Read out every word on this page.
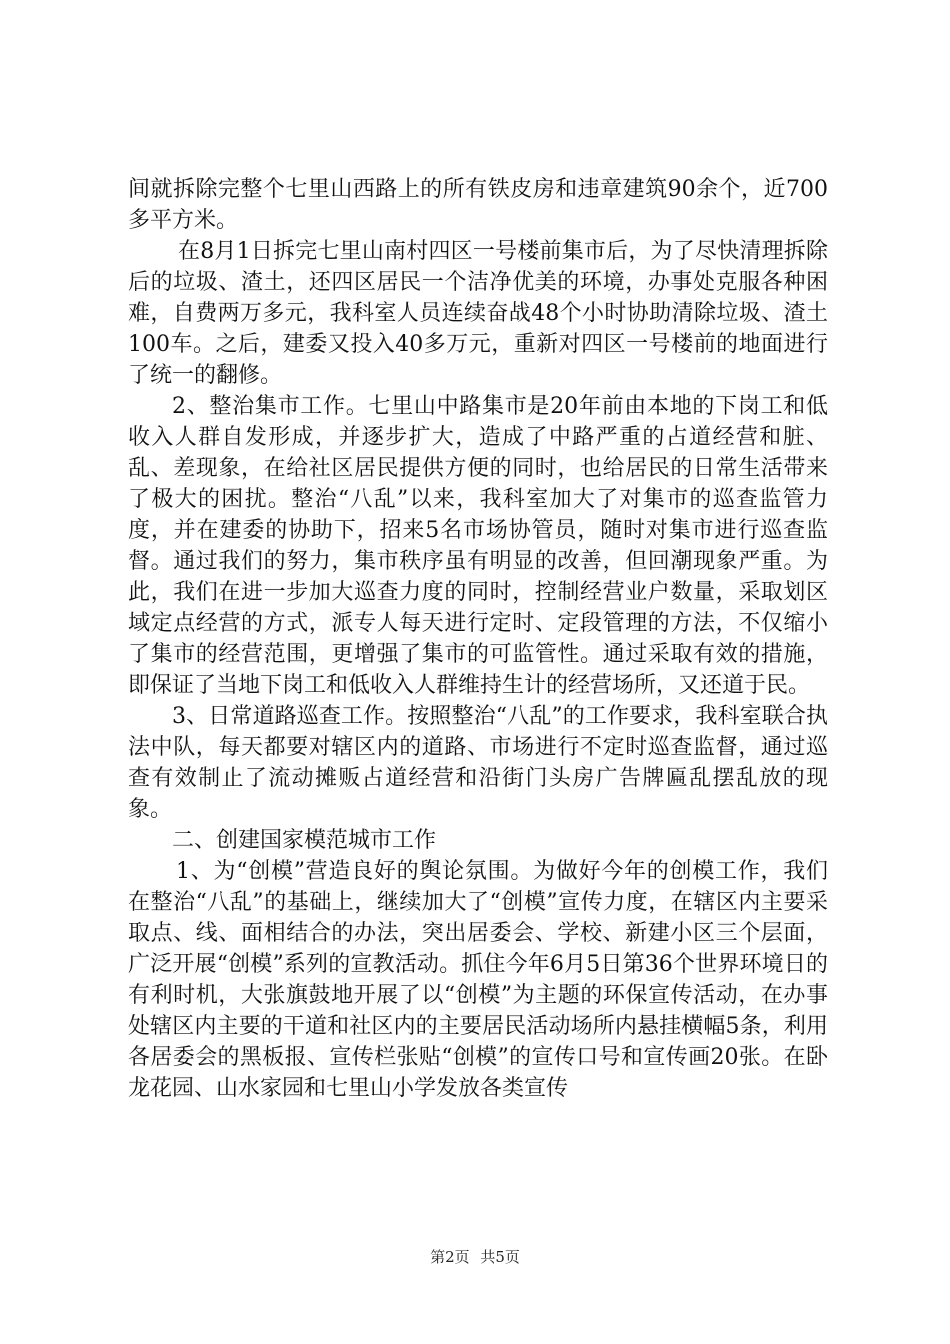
间就拆除完整个七里山西路上的所有铁皮房和违章建筑90余个，近700多平方米。

在8月1日拆完七里山南村四区一号楼前集市后，为了尽快清理拆除后的垃圾、渣土，还四区居民一个洁净优美的环境，办事处克服各种困难，自费两万多元，我科室人员连续奋战48个小时协助清除垃圾、渣土100车。之后，建委又投入40多万元，重新对四区一号楼前的地面进行了统一的翻修。

2、整治集市工作。七里山中路集市是20年前由本地的下岗工和低收入人群自发形成，并逐步扩大，造成了中路严重的占道经营和脏、乱、差现象，在给社区居民提供方便的同时，也给居民的日常生活带来了极大的困扰。整治“八乱”以来，我科室加大了对集市的巡查监管力度，并在建委的协助下，招来5名市场协管员，随时对集市进行巡查监督。通过我们的努力，集市秩序虽有明显的改善，但回潮现象严重。为此，我们在进一步加大巡查力度的同时，控制经营业户数量，采取划区域定点经营的方式，派专人每天进行定时、定段管理的方法，不仅缩小了集市的经营范围，更增强了集市的可监管性。通过采取有效的措施，即保证了当地下岗工和低收入人群维持生计的经营场所，又还道于民。

3、日常道路巡查工作。按照整治“八乱”的工作要求，我科室联合执法中队，每天都要对辖区内的道路、市场进行不定时巡查监督，通过巡查有效制止了流动摊贩占道经营和沿街门头房广告牌匾乱摆乱放的现象。

二、创建国家模范城市工作

1、为“创模”营造良好的舆论氛围。为做好今年的创模工作，我们在整治“八乱”的基础上，继续加大了“创模”宣传力度，在辖区内主要采取点、线、面相结合的办法，突出居委会、学校、新建小区三个层面，广泛开展“创模”系列的宣教活动。抓住今年6月5日第36个世界环境日的有利时机，大张旗鼓地开展了以“创模”为主题的环保宣传活动，在办事处辖区内主要的干道和社区内的主要居民活动场所内悬挂横幅5条，利用各居委会的黑板报、宣传栏张贴“创模”的宣传口号和宣传画20张。在卧龙花园、山水家园和七里山小学发放各类宣传

第2页 共5页
